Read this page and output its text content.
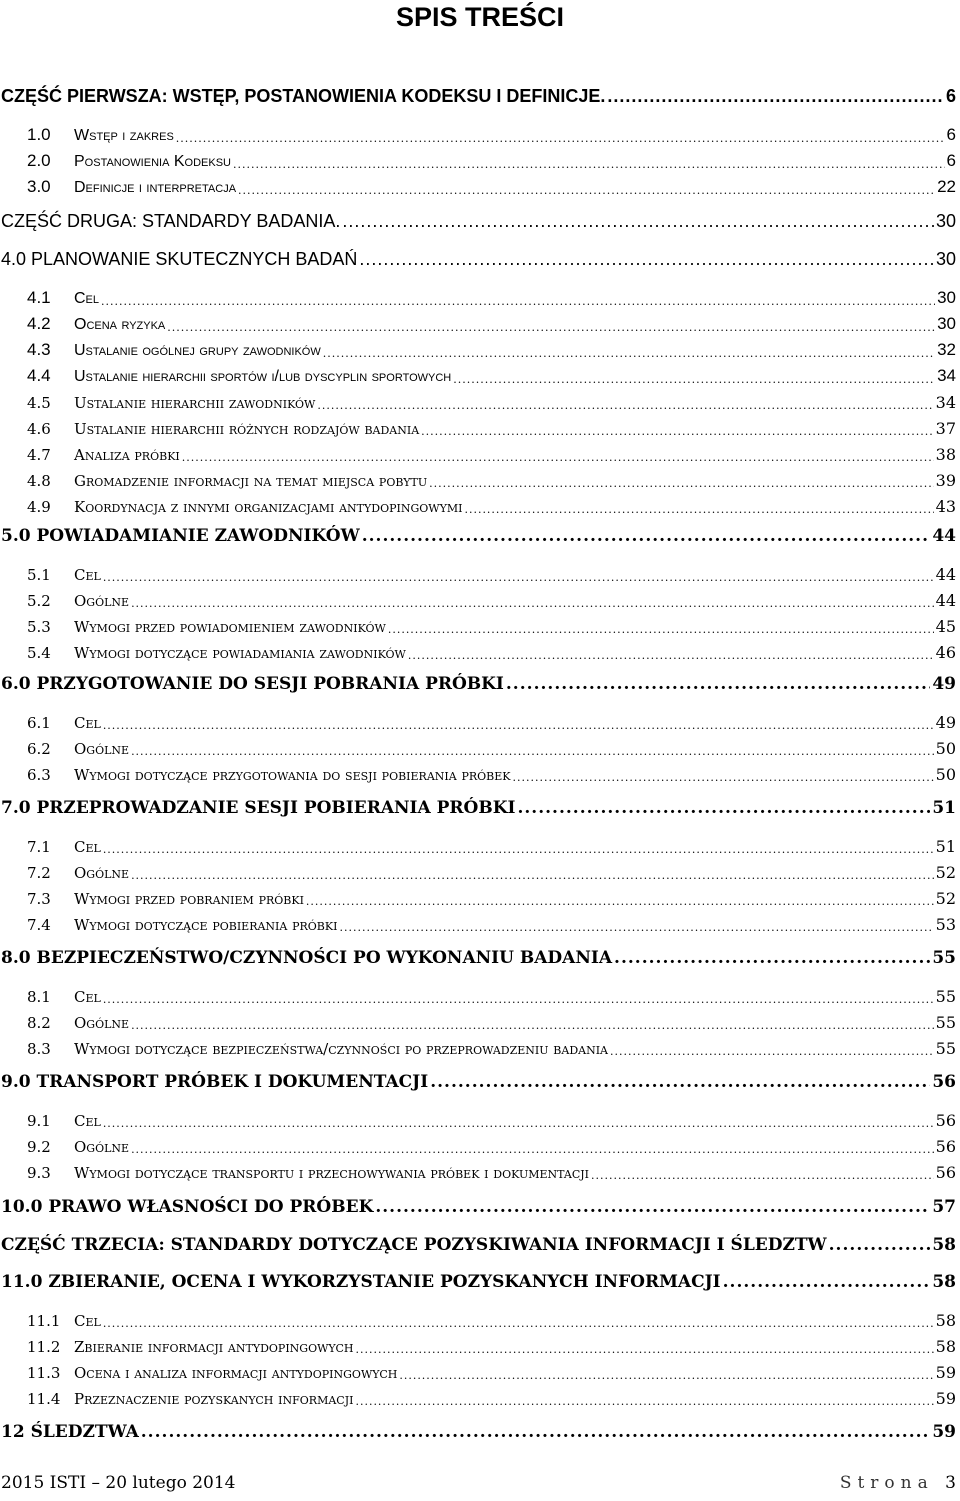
SPIS TREŚCI
CZĘŚĆ PIERWSZA: WSTĘP, POSTANOWIENIA KODEKSU I DEFINICJE. .....	6
1.0	Wstęp i zakres .....	6
2.0	Postanowienia Kodeksu .....	6
3.0	Definicje i interpretacja .....	22
CZĘŚĆ DRUGA: STANDARDY BADANIA. .....	30
4.0 PLANOWANIE SKUTECZNYCH BADAŃ .....	30
4.1	Cel .....	30
4.2	Ocena ryzyka .....	30
4.3	Ustalanie ogólnej grupy zawodników .....	32
4.4	Ustalanie hierarchii sportów i/lub dyscyplin sportowych .....	34
4.5	Ustalanie hierarchii zawodników .....	34
4.6	Ustalanie hierarchii różnych rodzajów badania .....	37
4.7	Analiza próbki .....	38
4.8	Gromadzenie informacji na temat miejsca pobytu .....	39
4.9	Koordynacja z innymi organizacjami antydopingowymi .....	43
5.0 POWIADAMIANIE ZAWODNIKÓW .....	44
5.1	Cel .....	44
5.2	Ogólne .....	44
5.3	Wymogi przed powiadomieniem zawodników .....	45
5.4	Wymogi dotyczące powiadamiania zawodników .....	46
6.0 PRZYGOTOWANIE DO SESJI POBRANIA PRÓBKI .....	49
6.1	Cel .....	49
6.2	Ogólne .....	50
6.3	Wymogi dotyczące przygotowania do sesji pobierania próbek .....	50
7.0 PRZEPROWADZANIE SESJI POBIERANIA PRÓBKI .....	51
7.1	Cel .....	51
7.2	Ogólne .....	52
7.3	Wymogi przed pobraniem próbki .....	52
7.4	Wymogi dotyczące pobierania próbki .....	53
8.0 BEZPIECZEŃSTWO/CZYNNOŚCI PO WYKONANIU BADANIA .....	55
8.1	Cel .....	55
8.2	Ogólne .....	55
8.3	Wymogi dotyczące bezpieczeństwa/czynności po przeprowadzeniu badania .....	55
9.0 TRANSPORT PRÓBEK I DOKUMENTACJI .....	56
9.1	Cel .....	56
9.2	Ogólne .....	56
9.3	Wymogi dotyczące transportu i przechowywania próbek i dokumentacji .....	56
10.0 PRAWO WŁASNOŚCI DO PRÓBEK .....	57
CZĘŚĆ TRZECIA: STANDARDY DOTYCZĄCE POZYSKIWANIA INFORMACJI I ŚLEDZTW .....	58
11.0 ZBIERANIE, OCENA I WYKORZYSTANIE POZYSKANYCH INFORMACJI .....	58
11.1 Cel .....	58
11.2 Zbieranie informacji antydopingowych .....	58
11.3 Ocena i analiza informacji antydopingowych .....	59
11.4 Przeznaczenie pozyskanych informacji .....	59
12 ŚLEDZTWA .....	59
2015 ISTI – 20 lutego 2014	Strona 3
